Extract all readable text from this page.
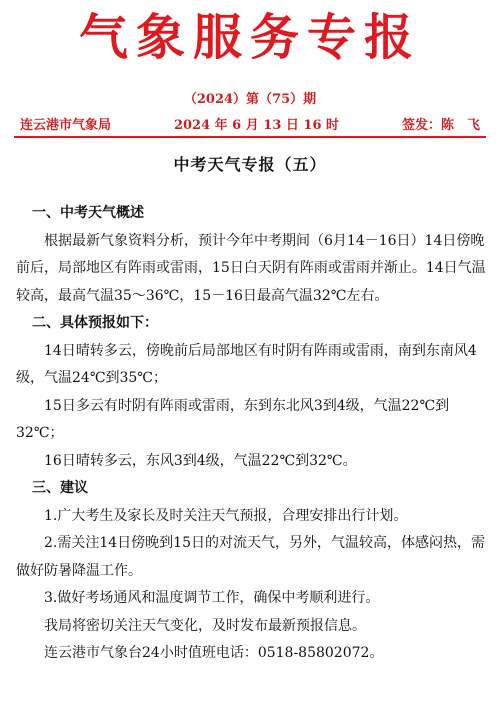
气象服务专报
（2024）第（75）期
连云港市气象局	2024 年 6 月 13 日 16 时	签发：陈　飞
中考天气专报（五）

一、中考天气概述

根据最新气象资料分析，预计今年中考期间（6月14－16日）14日傍晚前后，局部地区有阵雨或雷雨，15日白天阴有阵雨或雷雨并渐止。14日气温较高，最高气温35～36℃，15－16日最高气温32℃左右。

二、具体预报如下：

14日晴转多云，傍晚前后局部地区有时阴有阵雨或雷雨，南到东南风4级，气温24℃到35℃；

15日多云有时阴有阵雨或雷雨，东到东北风3到4级，气温22℃到32℃；

16日晴转多云，东风3到4级，气温22℃到32℃。

三、建议

1.广大考生及家长及时关注天气预报，合理安排出行计划。

2.需关注14日傍晚到15日的对流天气，另外，气温较高，体感闷热，需做好防暑降温工作。

3.做好考场通风和温度调节工作，确保中考顺利进行。

我局将密切关注天气变化，及时发布最新预报信息。

连云港市气象台24小时值班电话：0518-85802072。
